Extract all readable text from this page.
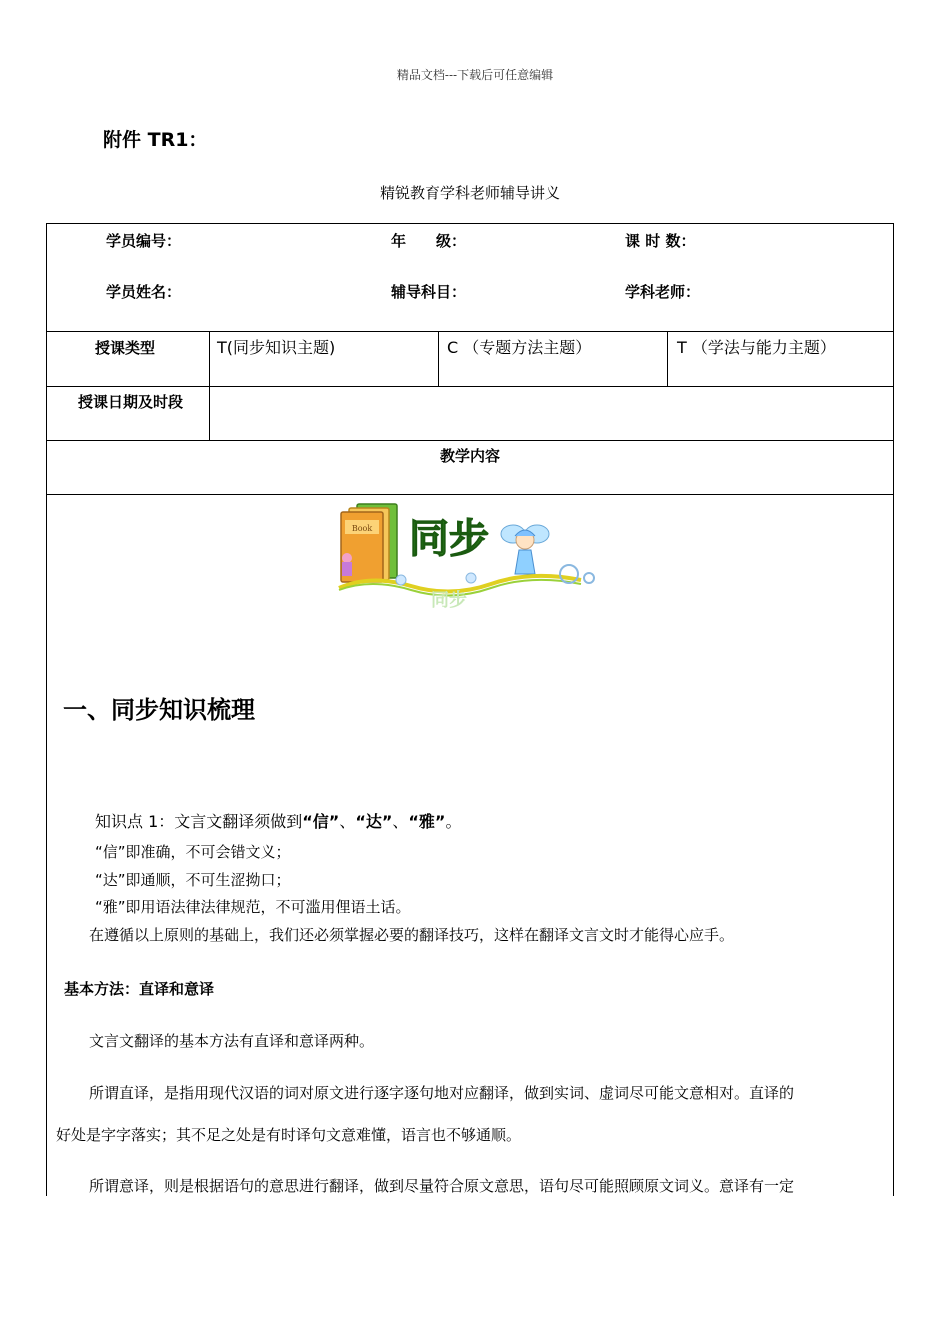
精品文档---下载后可任意编辑
附件 TR1：
精锐教育学科老师辅导讲义
学员编号：	年　　级：	课 时 数：
学员姓名：	辅导科目：	学科老师：
授课类型	T(同步知识主题)	C （专题方法主题）	T （学法与能力主题）
授课日期及时段
教学内容
Book 同步
同步
一、同步知识梳理
知识点 1：文言文翻译须做到“信”、“达”、“雅”。
“信”即准确，不可会错文义；
“达”即通顺，不可生涩拗口；
“雅”即用语法律法律规范，不可滥用俚语土话。
在遵循以上原则的基础上，我们还必须掌握必要的翻译技巧，这样在翻译文言文时才能得心应手。
基本方法：直译和意译
文言文翻译的基本方法有直译和意译两种。
所谓直译，是指用现代汉语的词对原文进行逐字逐句地对应翻译，做到实词、虚词尽可能文意相对。直译的
好处是字字落实；其不足之处是有时译句文意难懂，语言也不够通顺。
所谓意译，则是根据语句的意思进行翻译，做到尽量符合原文意思，语句尽可能照顾原文词义。意译有一定
